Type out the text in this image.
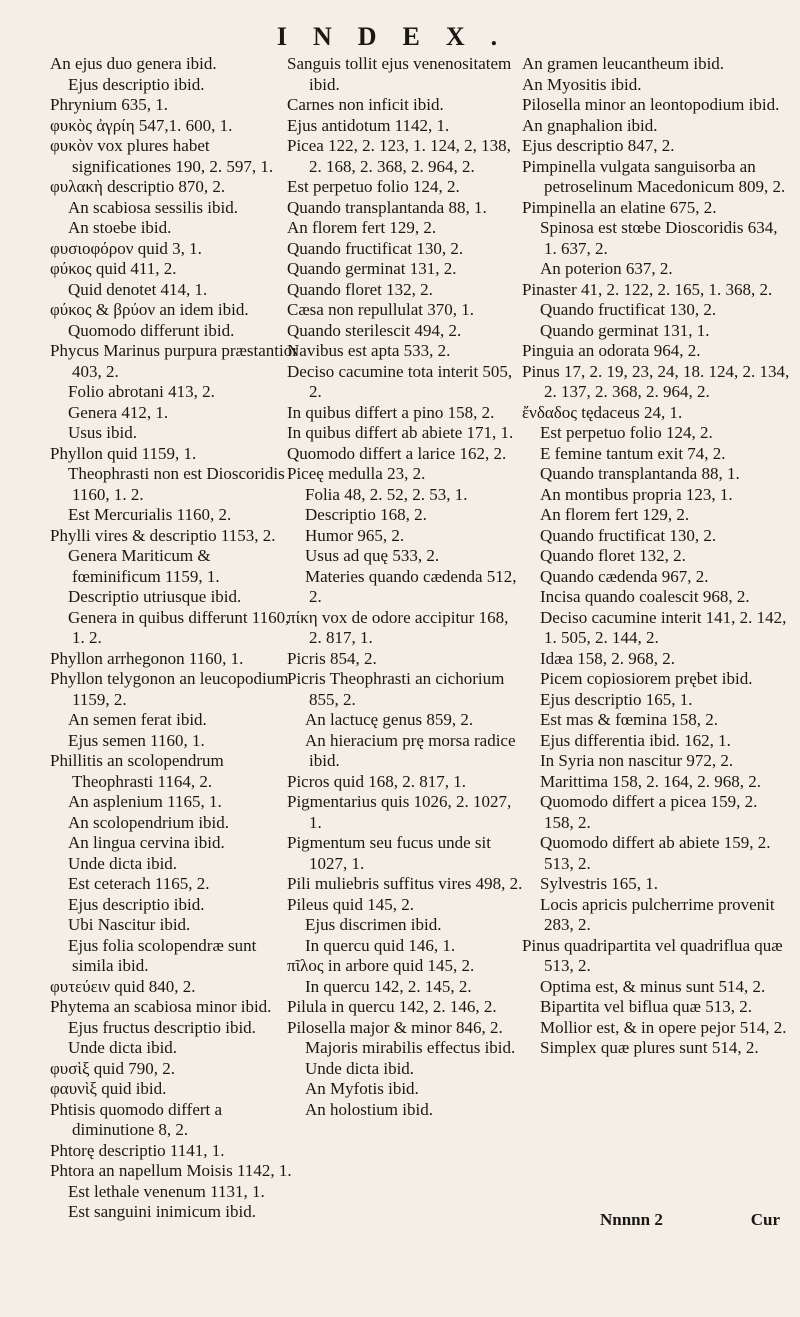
INDEX.

An ejus duo genera ibid.

Ejus descriptio ibid.

Phrynium 635, 1.

φυκὸς ἀγρίη 547,1. 600, 1.

φυκὸν vox plures habet significationes 190, 2. 597, 1.

φυλακὴ descriptio 870, 2.

An scabiosa sessilis ibid.

An stoebe ibid.

φυσιοφόρον quid 3, 1.

φύκος quid 411, 2.

Quid denotet 414, 1.

φύκος & βρύον an idem ibid.

Quomodo differunt ibid.

Phycus Marinus purpura præstantior 403, 2.

Folio abrotani 413, 2.

Genera 412, 1.

Usus ibid.

Phyllon quid 1159, 1.

Theophrasti non est Dioscoridis 1160, 1. 2.

Est Mercurialis 1160, 2.

Phylli vires & descriptio 1153, 2.

Genera Mariticum & fœminificum 1159, 1.

Descriptio utriusque ibid.

Genera in quibus differunt 1160, 1. 2.

Phyllon arrhegonon 1160, 1.

Phyllon telygonon an leucopodium 1159, 2.

An semen ferat ibid.

Ejus semen 1160, 1.

Phillitis an scolopendrum Theophrasti 1164, 2.

An asplenium 1165, 1.

An scolopendrium ibid.

An lingua cervina ibid.

Unde dicta ibid.

Est ceterach 1165, 2.

Ejus descriptio ibid.

Ubi Nascitur ibid.

Ejus folia scolopendræ sunt simila ibid.

φυτεύειν quid 840, 2.

Phytema an scabiosa minor ibid.

Ejus fructus descriptio ibid.

Unde dicta ibid.

φυσὶξ quid 790, 2.

φαυνὶξ quid ibid.

Phtisis quomodo differt a diminutione 8, 2.

Phtorę descriptio 1141, 1.

Phtora an napellum Moisis 1142, 1.

Est lethale venenum 1131, 1.

Est sanguini inimicum ibid.

Sanguis tollit ejus venenositatem ibid.

Carnes non inficit ibid.

Ejus antidotum 1142, 1.

Picea 122, 2. 123, 1. 124, 2, 138, 2. 168, 2. 368, 2. 964, 2.

Est perpetuo folio 124, 2.

Quando transplantanda 88, 1.

An florem fert 129, 2.

Quando fructificat 130, 2.

Quando germinat 131, 2.

Quando floret 132, 2.

Cæsa non repullulat 370, 1.

Quando sterilescit 494, 2.

Navibus est apta 533, 2.

Deciso cacumine tota interit 505, 2.

In quibus differt a pino 158, 2.

In quibus differt ab abiete 171, 1.

Quomodo differt a larice 162, 2.

Piceę medulla 23, 2.

Folia 48, 2. 52, 2. 53, 1.

Descriptio 168, 2.

Humor 965, 2.

Usus ad quę 533, 2.

Materies quando cædenda 512, 2.

πίκη vox de odore accipitur 168, 2. 817, 1.

Picris 854, 2.

Picris Theophrasti an cichorium 855, 2.

An lactucę genus 859, 2.

An hieracium prę morsa radice ibid.

Picros quid 168, 2. 817, 1.

Pigmentarius quis 1026, 2. 1027, 1.

Pigmentum seu fucus unde sit 1027, 1.

Pili muliebris suffitus vires 498, 2.

Pileus quid 145, 2.

Ejus discrimen ibid.

In quercu quid 146, 1.

πῖλος in arbore quid 145, 2.

In quercu 142, 2. 145, 2.

Pilula in quercu 142, 2. 146, 2.

Pilosella major & minor 846, 2.

Majoris mirabilis effectus ibid.

Unde dicta ibid.

An Myfotis ibid.

An holostium ibid.

An gramen leucantheum ibid.

An Myositis ibid.

Pilosella minor an leontopodium ibid.

An gnaphalion ibid.

Ejus descriptio 847, 2.

Pimpinella vulgata sanguisorba an petroselinum Macedonicum 809, 2.

Pimpinella an elatine 675, 2.

Spinosa est stœbe Dioscoridis 634, 1. 637, 2.

An poterion 637, 2.

Pinaster 41, 2. 122, 2. 165, 1. 368, 2.

Quando fructificat 130, 2.

Quando germinat 131, 1.

Pinguia an odorata 964, 2.

Pinus 17, 2. 19, 23, 24, 18. 124, 2. 134, 2. 137, 2. 368, 2. 964, 2.

ἔνδαδος tędaceus 24, 1.

Est perpetuo folio 124, 2.

E femine tantum exit 74, 2.

Quando transplantanda 88, 1.

An montibus propria 123, 1.

An florem fert 129, 2.

Quando fructificat 130, 2.

Quando floret 132, 2.

Quando cædenda 967, 2.

Incisa quando coalescit 968, 2.

Deciso cacumine interit 141, 2. 142, 1. 505, 2. 144, 2.

Idæa 158, 2. 968, 2.

Picem copiosiorem prębet ibid.

Ejus descriptio 165, 1.

Est mas & fœmina 158, 2.

Ejus differentia ibid. 162, 1.

In Syria non nascitur 972, 2.

Marittima 158, 2. 164, 2. 968, 2.

Quomodo differt a picea 159, 2. 158, 2.

Quomodo differt ab abiete 159, 2. 513, 2.

Sylvestris 165, 1.

Locis apricis pulcherrime provenit 283, 2.

Pinus quadripartita vel quadriflua quæ 513, 2.

Optima est, & minus sunt 514, 2.

Bipartita vel biflua quæ 513, 2.

Mollior est, & in opere pejor 514, 2.

Simplex quæ plures sunt 514, 2.

Nnnnn 2	Cur
